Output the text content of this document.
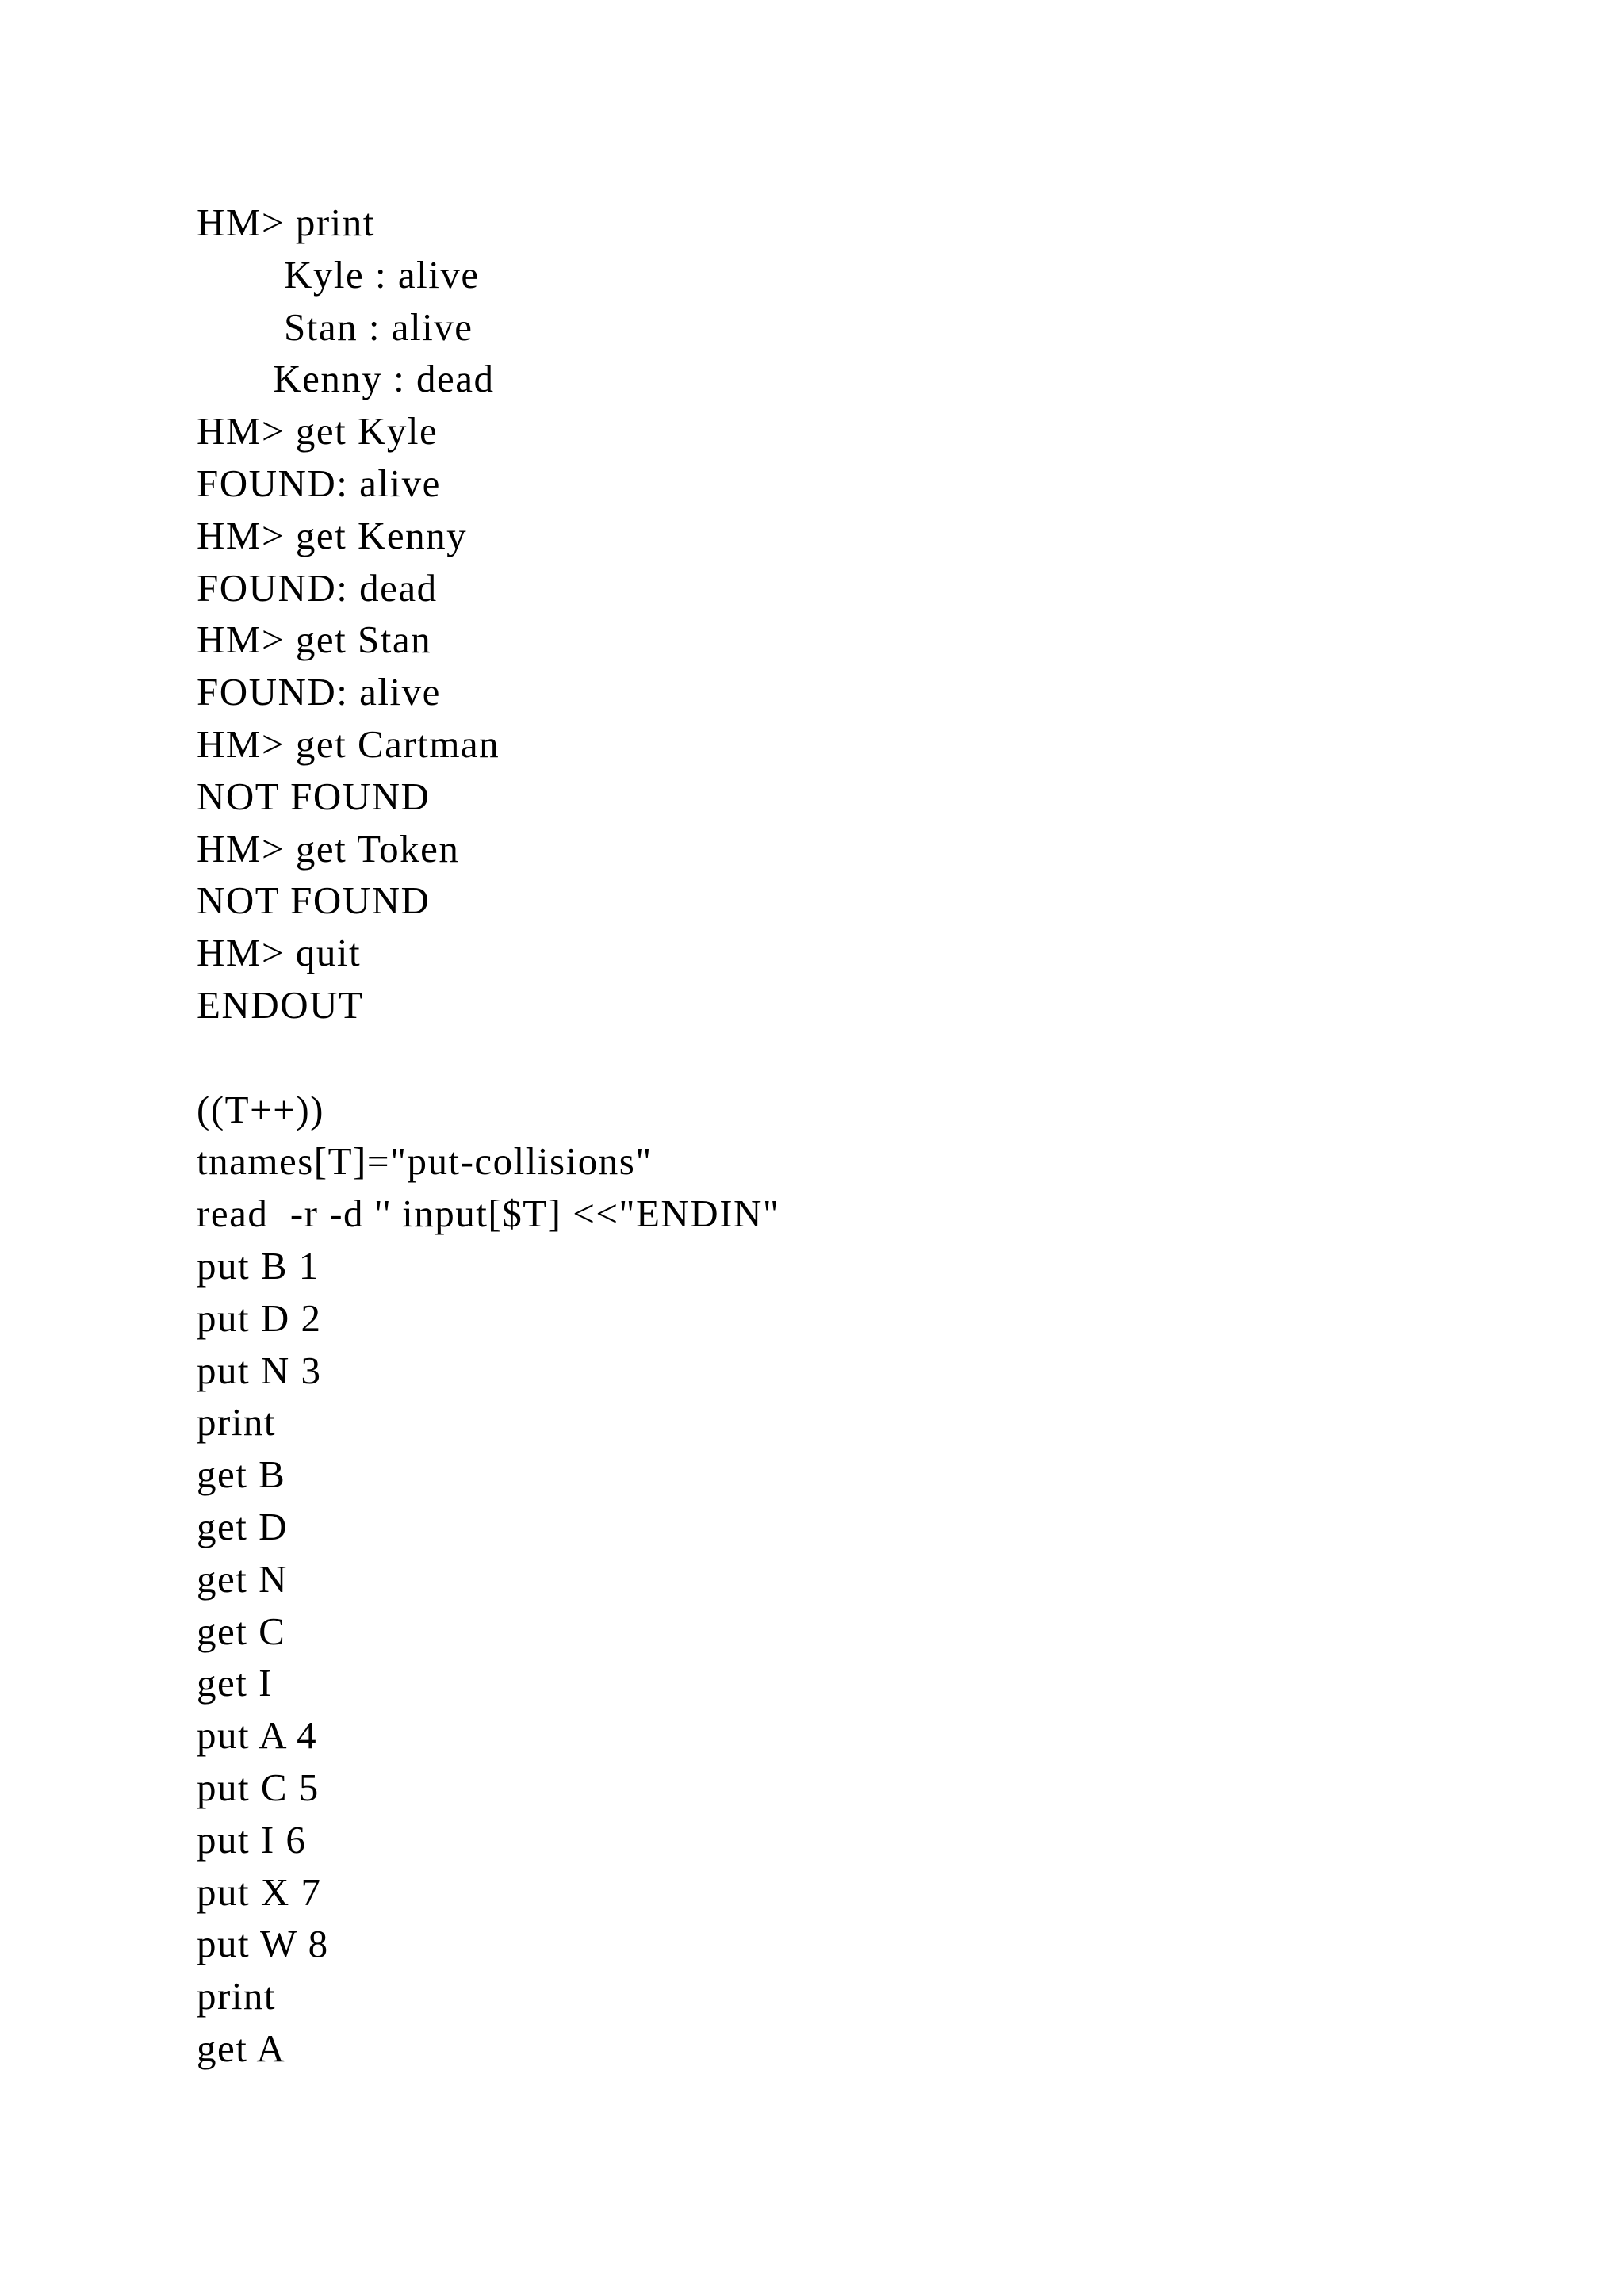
HM> print
Kyle : alive
Stan : alive
Kenny : dead
HM> get Kyle
FOUND: alive
HM> get Kenny
FOUND: dead
HM> get Stan
FOUND: alive
HM> get Cartman
NOT FOUND
HM> get Token
NOT FOUND
HM> quit
ENDOUT
((T++))
tnames[T]="put-collisions"
read  -r -d '' input[$T] <<"ENDIN"
put B 1
put D 2
put N 3
print
get B
get D
get N
get C
get I
put A 4
put C 5
put I 6
put X 7
put W 8
print
get A
